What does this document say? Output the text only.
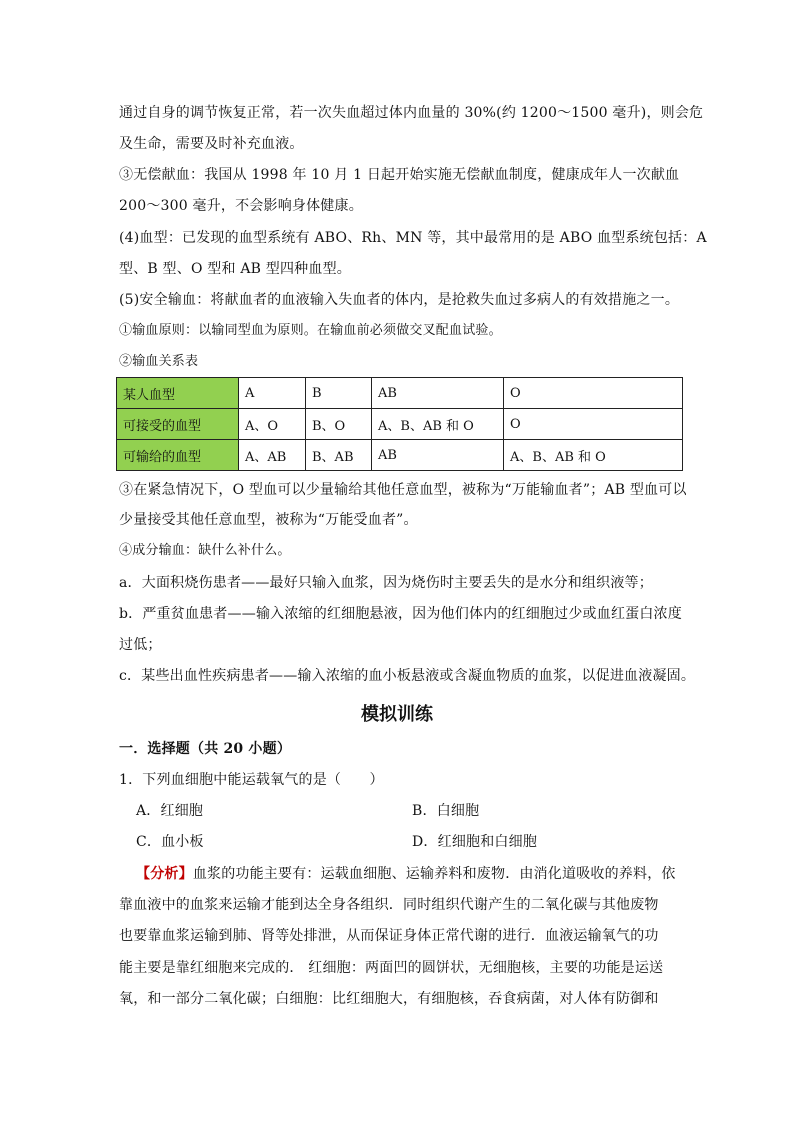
通过自身的调节恢复正常，若一次失血超过体内血量的 30%(约 1200～1500 毫升)，则会危
及生命，需要及时补充血液。
③无偿献血：我国从 1998 年 10 月 1 日起开始实施无偿献血制度，健康成年人一次献血
200～300 毫升，不会影响身体健康。
(4)血型：已发现的血型系统有 ABO、Rh、MN 等，其中最常用的是 ABO 血型系统包括：A
型、B 型、O 型和 AB 型四种血型。
(5)安全输血：将献血者的血液输入失血者的体内，是抢救失血过多病人的有效措施之一。
①输血原则：以输同型血为原则。在输血前必须做交叉配血试验。
②输血关系表
某人血型	A	B	AB	O
可接受的血型	A、O	B、O	A、B、AB 和 O	O
可输给的血型	A、AB	B、AB	AB	A、B、AB 和 O
③在紧急情况下，O 型血可以少量输给其他任意血型，被称为“万能输血者”；AB 型血可以
少量接受其他任意血型，被称为“万能受血者”。
④成分输血：缺什么补什么。
a．大面积烧伤患者——最好只输入血浆，因为烧伤时主要丢失的是水分和组织液等；
b．严重贫血患者——输入浓缩的红细胞悬液，因为他们体内的红细胞过少或血红蛋白浓度
过低；
c．某些出血性疾病患者——输入浓缩的血小板悬液或含凝血物质的血浆，以促进血液凝固。
模拟训练
一．选择题（共 20 小题）
1．下列血细胞中能运载氧气的是（　　）
A．红细胞	B．白细胞
C．血小板	D．红细胞和白细胞
【分析】血浆的功能主要有：运载血细胞、运输养料和废物．由消化道吸收的养料，依
靠血液中的血浆来运输才能到达全身各组织．同时组织代谢产生的二氧化碳与其他废物
也要靠血浆运输到肺、肾等处排泄，从而保证身体正常代谢的进行．血液运输氧气的功
能主要是靠红细胞来完成的． 红细胞：两面凹的圆饼状，无细胞核，主要的功能是运送
氧，和一部分二氧化碳；白细胞：比红细胞大，有细胞核，吞食病菌，对人体有防御和
